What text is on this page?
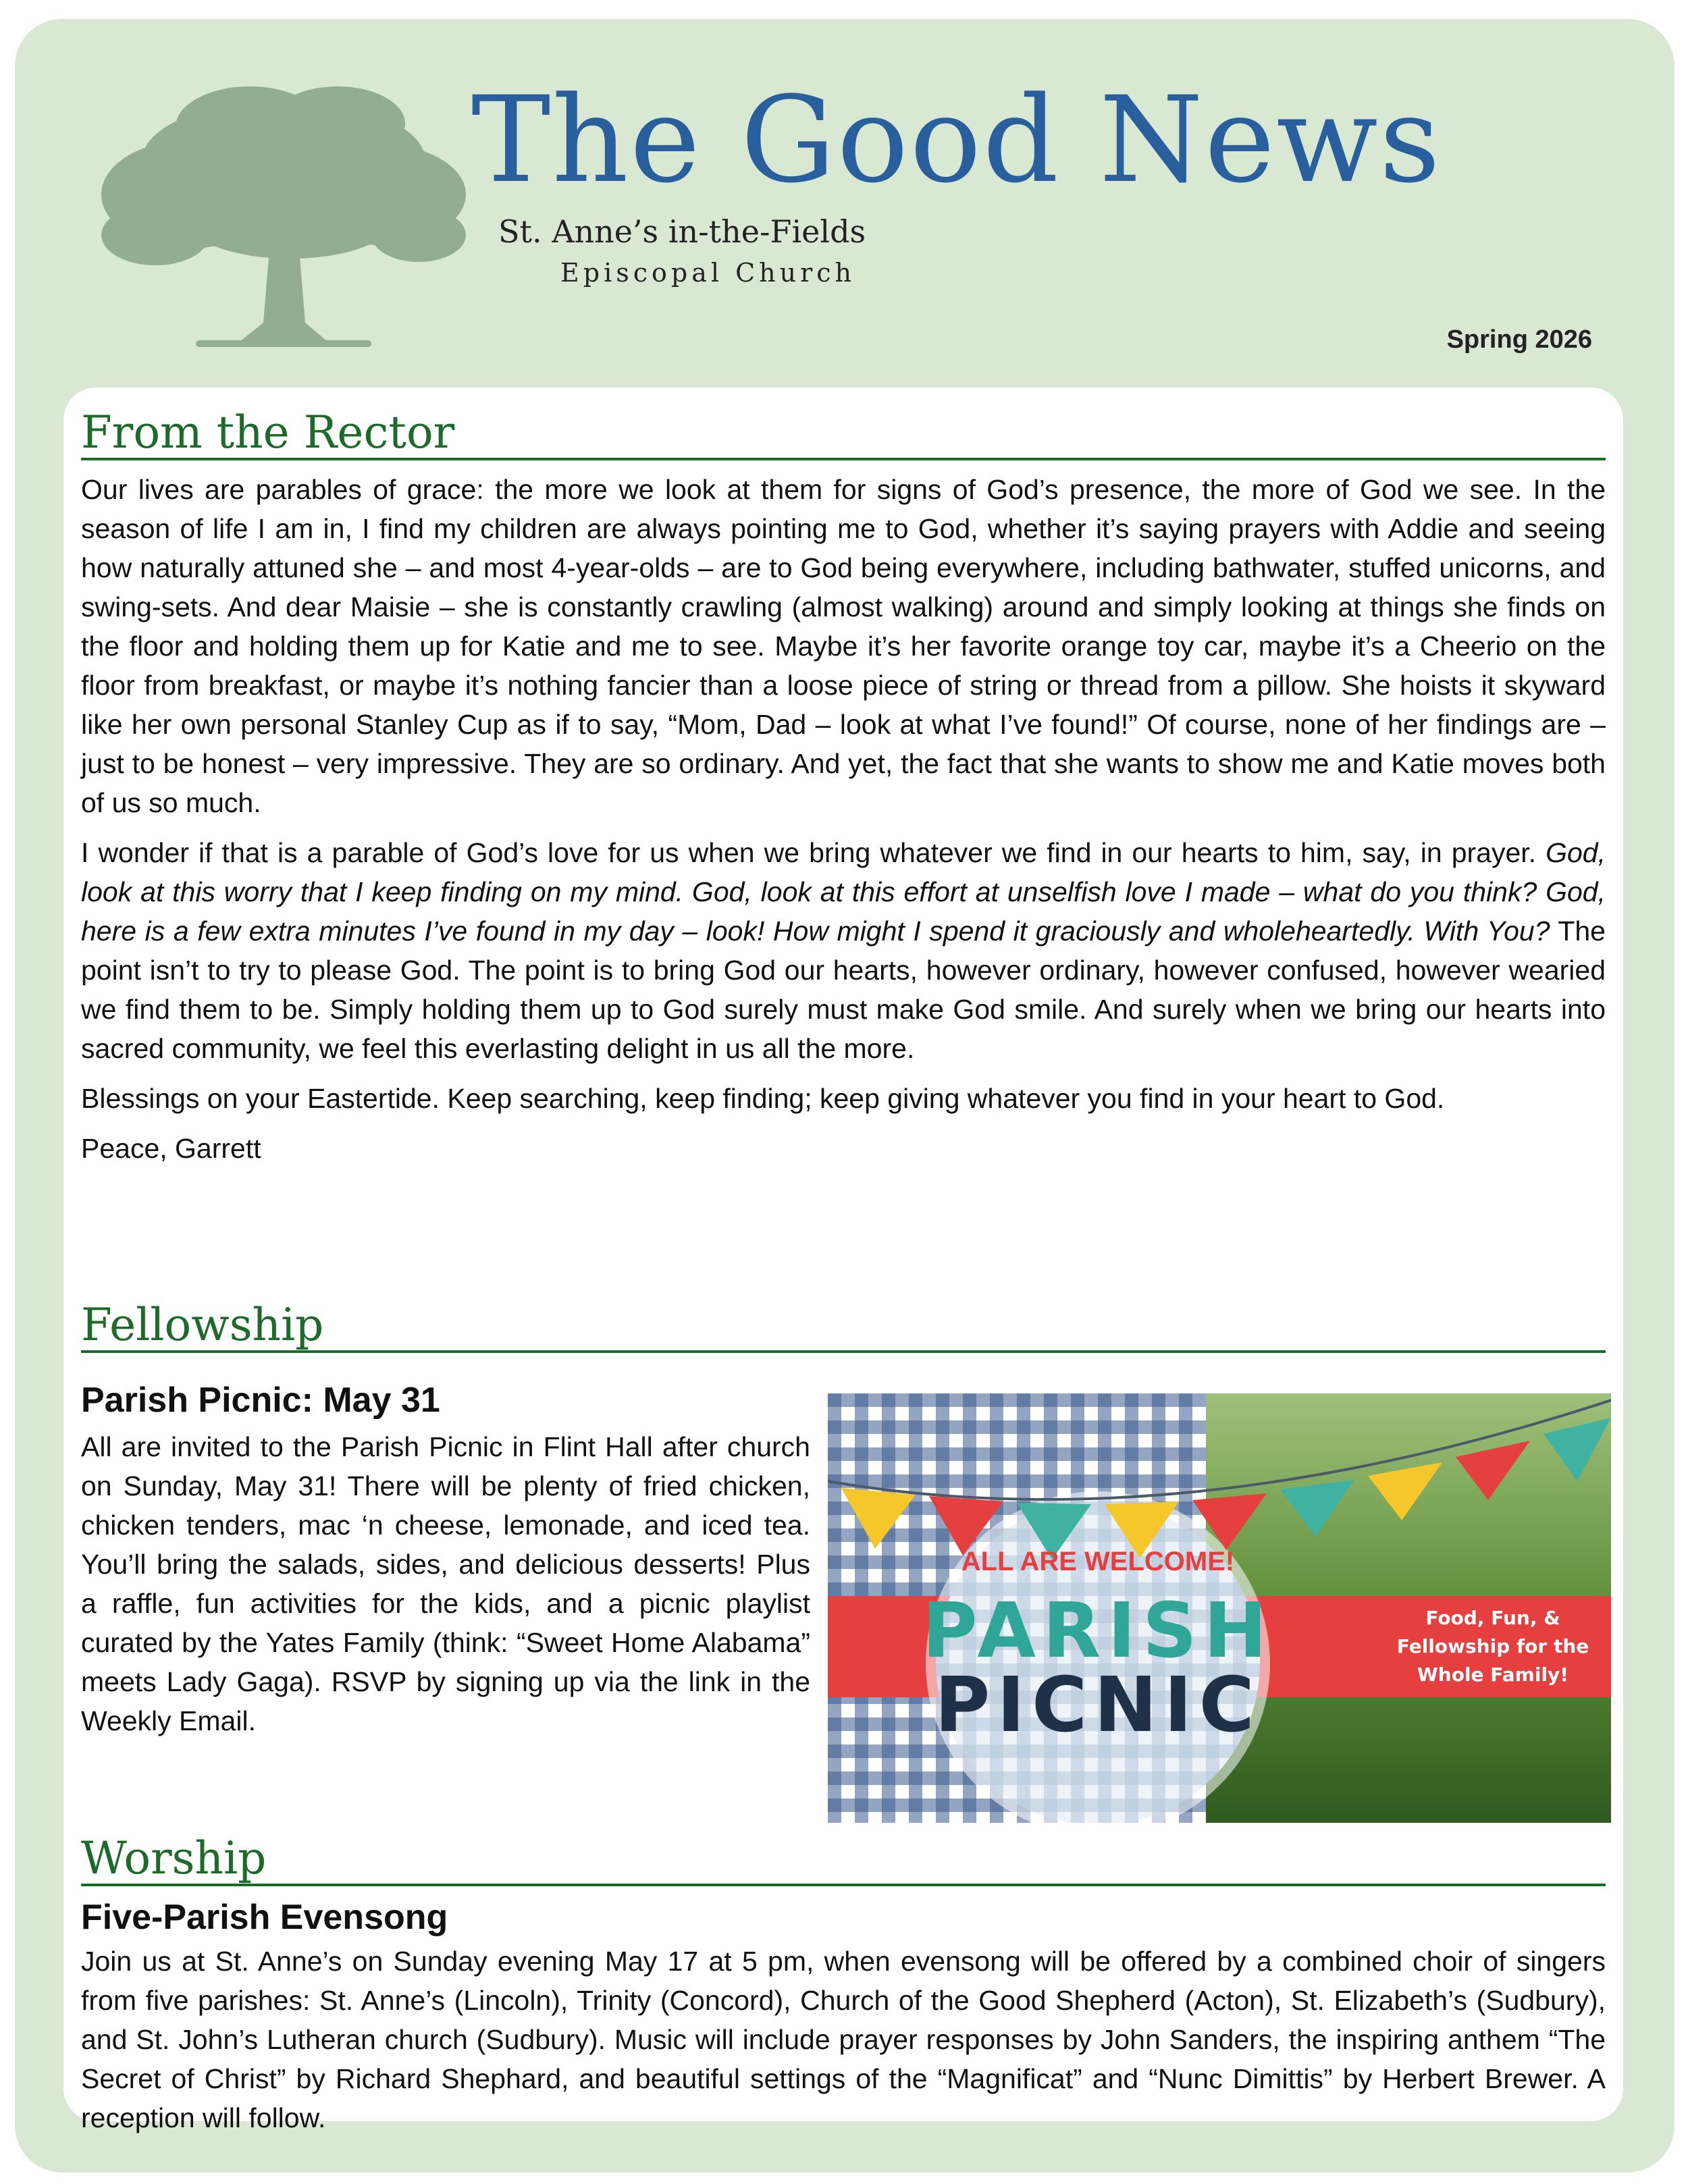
The Good News
St. Anne’s in-the-Fields
Episcopal Church
Spring 2026
From the Rector

Our lives are parables of grace: the more we look at them for signs of God’s presence, the more of God we see. In the season of life I am in, I find my children are always pointing me to God, whether it’s saying prayers with Addie and seeing how naturally attuned she – and most 4-year-olds – are to God being everywhere, including bathwater, stuffed unicorns, and swing-sets. And dear Maisie – she is constantly crawling (almost walking) around and simply looking at things she finds on the floor and holding them up for Katie and me to see. Maybe it’s her favorite orange toy car, maybe it’s a Cheerio on the floor from breakfast, or maybe it’s nothing fancier than a loose piece of string or thread from a pillow. She hoists it skyward like her own personal Stanley Cup as if to say, “Mom, Dad – look at what I’ve found!” Of course, none of her findings are – just to be honest – very impressive. They are so ordinary. And yet, the fact that she wants to show me and Katie moves both of us so much.

I wonder if that is a parable of God’s love for us when we bring whatever we find in our hearts to him, say, in prayer. God, look at this worry that I keep finding on my mind. God, look at this effort at unselfish love I made – what do you think? God, here is a few extra minutes I’ve found in my day – look! How might I spend it graciously and wholeheartedly. With You? The point isn’t to try to please God. The point is to bring God our hearts, however ordinary, however confused, however wearied we find them to be. Simply holding them up to God surely must make God smile. And surely when we bring our hearts into sacred community, we feel this everlasting delight in us all the more.

Blessings on your Eastertide. Keep searching, keep finding; keep giving whatever you find in your heart to God.

Peace, Garrett

Fellowship
Parish Picnic: May 31
All are invited to the Parish Picnic in Flint Hall after church on Sunday, May 31! There will be plenty of fried chicken, chicken tenders, mac ‘n cheese, lemonade, and iced tea. You’ll bring the salads, sides, and delicious desserts! Plus a raffle, fun activities for the kids, and a picnic playlist curated by the Yates Family (think: “Sweet Home Alabama” meets Lady Gaga). RSVP by signing up via the link in the Weekly Email.
ALL ARE WELCOME!
PARISH
PICNIC
Food, Fun, &
Fellowship for the
Whole Family!
Worship
Five-Parish Evensong
Join us at St. Anne’s on Sunday evening May 17 at 5 pm, when evensong will be offered by a combined choir of singers from five parishes: St. Anne’s (Lincoln), Trinity (Concord), Church of the Good Shepherd (Acton), St. Elizabeth’s (Sudbury), and St. John’s Lutheran church (Sudbury). Music will include prayer responses by John Sanders, the inspiring anthem “The Secret of Christ” by Richard Shephard, and beautiful settings of the “Magnificat” and “Nunc Dimittis” by Herbert Brewer. A reception will follow.
